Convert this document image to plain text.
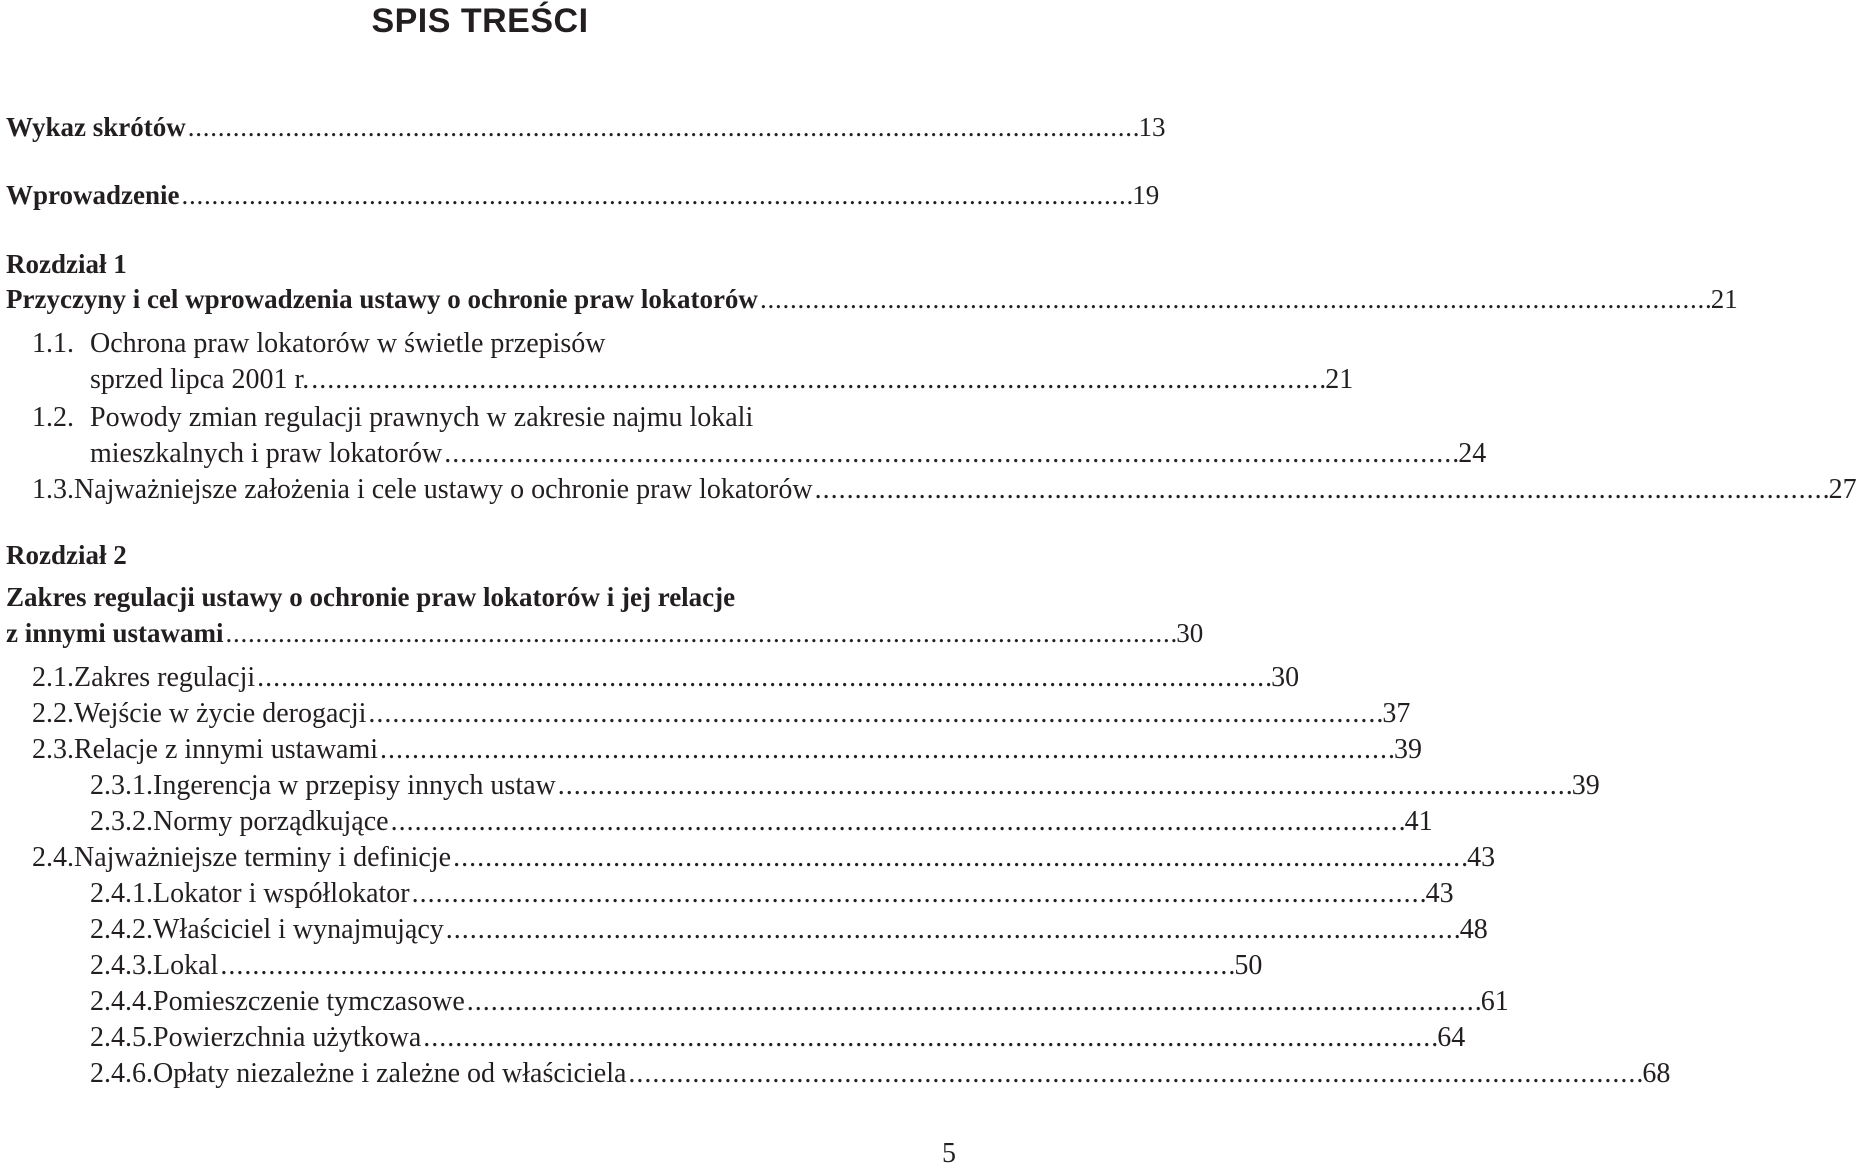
SPIS TREŚCI
Wykaz skrótów . . .	13
Wprowadzenie . . .	19
Rozdział 1
Przyczyny i cel wprowadzenia ustawy o ochronie praw lokatorów . . .	21
1.1. Ochrona praw lokatorów w świetle przepisów
sprzed lipca 2001 r. . . .	21
1.2. Powody zmian regulacji prawnych w zakresie najmu lokali
mieszkalnych i praw lokatorów . . .	24
1.3. Najważniejsze założenia i cele ustawy o ochronie praw lokatorów . . .	27
Rozdział 2
Zakres regulacji ustawy o ochronie praw lokatorów i jej relacje
z innymi ustawami . . .	30
2.1. Zakres regulacji . . .	30
2.2. Wejście w życie derogacji . . .	37
2.3. Relacje z innymi ustawami . . .	39
2.3.1. Ingerencja w przepisy innych ustaw . . .	39
2.3.2. Normy porządkujące . . .	41
2.4. Najważniejsze terminy i definicje . . .	43
2.4.1. Lokator i współlokator . . .	43
2.4.2. Właściciel i wynajmujący . . .	48
2.4.3. Lokal . . .	50
2.4.4. Pomieszczenie tymczasowe . . .	61
2.4.5. Powierzchnia użytkowa . . .	64
2.4.6. Opłaty niezależne i zależne od właściciela . . .	68
5
